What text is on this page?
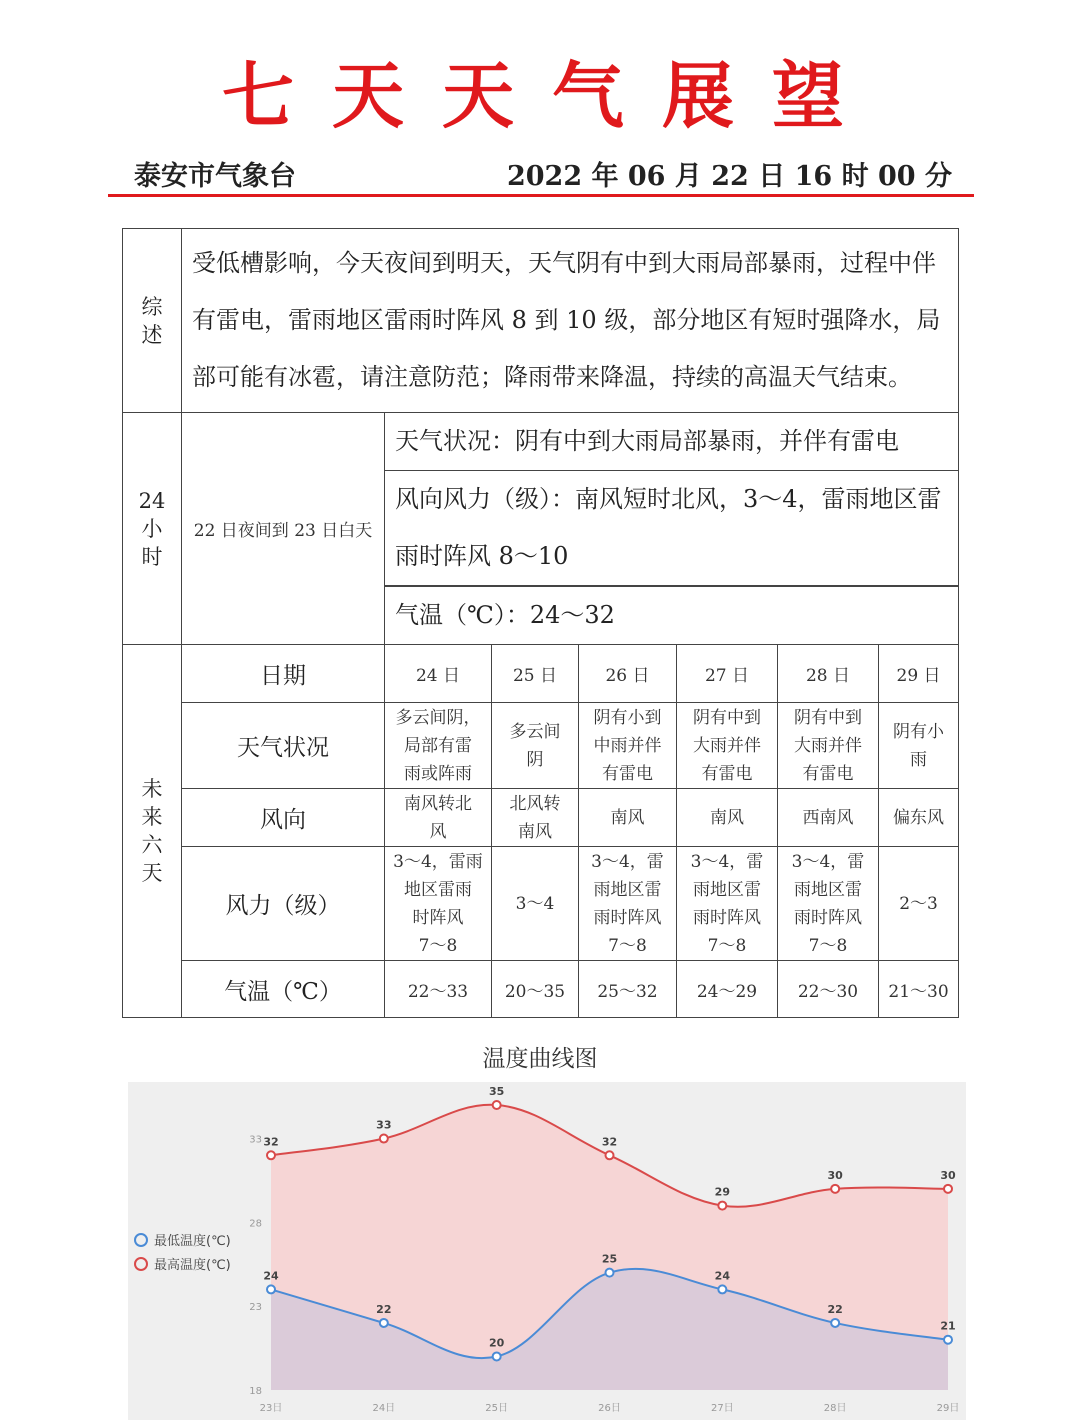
七天天气展望
泰安市气象台	2022 年 06 月 22 日 16 时 00 分
综
述	受低槽影响，今天夜间到明天，天气阴有中到大雨局部暴雨，过程中伴有雷电，雷雨地区雷雨时阵风 8 到 10 级，部分地区有短时强降水，局部可能有冰雹，请注意防范；降雨带来降温，持续的高温天气结束。						
24
小
时	22 日夜间到 23 日白天	天气状况：阴有中到大雨局部暴雨，并伴有雷电					
		风向风力（级）：南风短时北风，3～4，雷雨地区雷雨时阵风 8～10					

		气温（℃）：24～32					
未
来
六
天	日期	24 日	25 日	26 日	27 日	28 日	29 日
	天气状况	多云间阴，
局部有雷
雨或阵雨	多云间
阴	阴有小到
中雨并伴
有雷电	阴有中到
大雨并伴
有雷电	阴有中到
大雨并伴
有雷电	阴有小
雨
	风向	南风转北
风	北风转
南风	南风	南风	西南风	偏东风
	风力（级）	3～4，雷雨
地区雷雨
时阵风
7～8	3～4	3～4，雷
雨地区雷
雨时阵风
7～8	3～4，雷
雨地区雷
雨时阵风
7～8	3～4，雷
雨地区雷
雨时阵风
7～8	2～3
	气温（℃）	22～33	20～35	25～32	24～29	22～30	21～30
温度曲线图
18
23
28
33
23日	24日	25日	26日	27日	28日	29日
32
33
35
32
29
30	30
24
22
20
25
24
22
21
最低温度(℃)
最高温度(℃)
